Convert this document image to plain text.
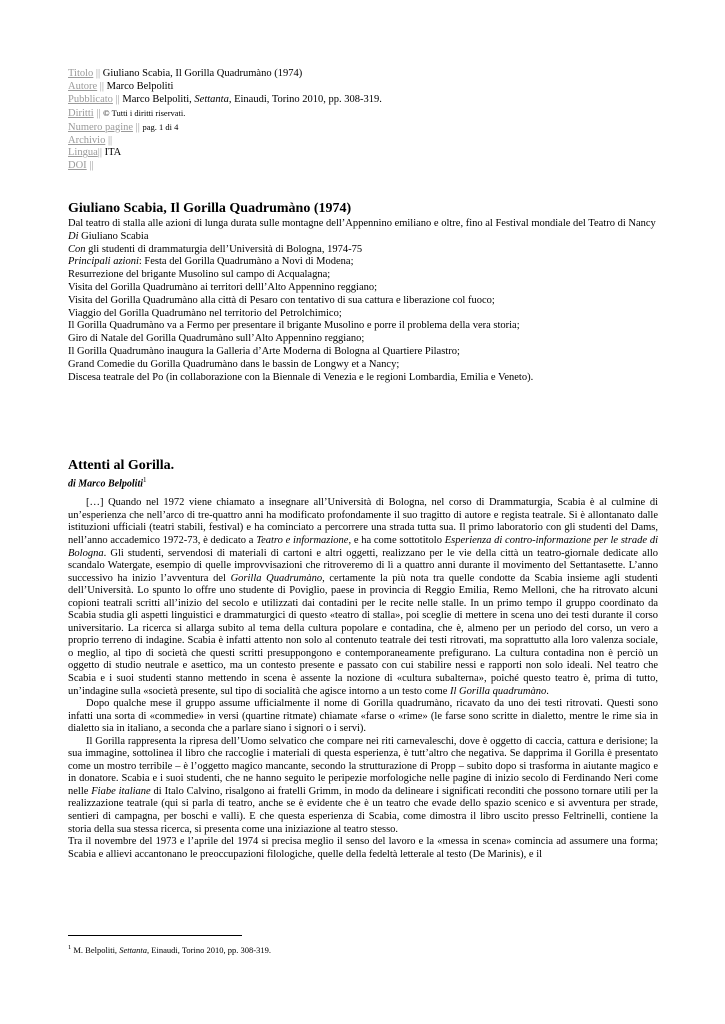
Titolo || Giuliano Scabia, Il Gorilla Quadrumàno (1974)
Autore || Marco Belpoliti
Pubblicato || Marco Belpoliti, Settanta, Einaudi, Torino 2010, pp. 308-319.
Diritti || © Tutti i diritti riservati.
Numero pagine || pag. 1 di 4
Archivio ||
Lingua|| ITA
DOI ||
Giuliano Scabia, Il Gorilla Quadrumàno (1974)
Dal teatro di stalla alle azioni di lunga durata sulle montagne dell’Appennino emiliano e oltre, fino al Festival mondiale del Teatro di Nancy
Di Giuliano Scabia
Con gli studenti di drammaturgia dell’Università di Bologna, 1974-75
Principali azioni: Festa del Gorilla Quadrumàno a Novi di Modena;
Resurrezione del brigante Musolino sul campo di Acqualagna;
Visita del Gorilla Quadrumàno ai territori delll’Alto Appennino reggiano;
Visita del Gorilla Quadrumàno alla città di Pesaro con tentativo di sua cattura e liberazione col fuoco;
Viaggio del Gorilla Quadrumàno nel territorio del Petrolchimico;
Il Gorilla Quadrumàno va a Fermo per presentare il brigante Musolino e porre il problema della vera storia;
Giro di Natale del Gorilla Quadrumàno sull’Alto Appennino reggiano;
Il Gorilla Quadrumàno inaugura la Galleria d’Arte Moderna di Bologna al Quartiere Pilastro;
Grand Comedie du Gorilla Quadrumàno dans le bassin de Longwy et a Nancy;
Discesa teatrale del Po (in collaborazione con la Biennale di Venezia e le regioni Lombardia, Emilia e Veneto).
Attenti al Gorilla.
di Marco Belpoliti$^1$

[…] Quando nel 1972 viene chiamato a insegnare all’Università di Bologna, nel corso di Drammaturgia, Scabia è al culmine di un’esperienza che nell’arco di tre-quattro anni ha modificato profondamente il suo tragitto di autore e regista teatrale. Si è allontanato dalle istituzioni ufficiali (teatri stabili, festival) e ha cominciato a percorrere una strada tutta sua. Il primo laboratorio con gli studenti del Dams, nell’anno accademico 1972-73, è dedicato a Teatro e informazione, e ha come sottotitolo Esperienza di contro-informazione per le strade di Bologna. Gli studenti, servendosi di materiali di cartoni e altri oggetti, realizzano per le vie della città un teatro-giornale dedicate allo scandalo Watergate, esempio di quelle improvvisazioni che ritroveremo di lì a quattro anni durante il movimento del Settantasette. L’anno successivo ha inizio l’avventura del Gorilla Quadrumàno, certamente la più nota tra quelle condotte da Scabia insieme agli studenti dell’Università. Lo spunto lo offre uno studente di Poviglio, paese in provincia di Reggio Emilia, Remo Melloni, che ha ritrovato alcuni copioni teatrali scritti all’inizio del secolo e utilizzati dai contadini per le recite nelle stalle. In un primo tempo il gruppo coordinato da Scabia studia gli aspetti linguistici e drammaturgici di questo «teatro di stalla», poi sceglie di mettere in scena uno dei testi durante il corso universitario. La ricerca si allarga subito al tema della cultura popolare e contadina, che è, almeno per un periodo del corso, un vero a proprio terreno di indagine. Scabia è infatti attento non solo al contenuto teatrale dei testi ritrovati, ma soprattutto alla loro valenza sociale, o meglio, al tipo di società che questi scritti presuppongono e contemporaneamente prefigurano. La cultura contadina non è perciò un oggetto di studio neutrale e asettico, ma un contesto presente e passato con cui stabilire nessi e rapporti non solo ideali. Nel teatro che Scabia e i suoi studenti stanno mettendo in scena è assente la nozione di «cultura subalterna», poiché questo teatro è, prima di tutto, un’indagine sulla «società presente, sul tipo di socialità che agisce intorno a un testo come Il Gorilla quadrumàno.

Dopo qualche mese il gruppo assume ufficialmente il nome di Gorilla quadrumàno, ricavato da uno dei testi ritrovati. Questi sono infatti una sorta di «commedie» in versi (quartine ritmate) chiamate «farse o «rime» (le farse sono scritte in dialetto, mentre le rime sia in dialetto sia in italiano, a seconda che a parlare siano i signori o i servi).

Il Gorilla rappresenta la ripresa dell’Uomo selvatico che compare nei riti carnevaleschi, dove è oggetto di caccia, cattura e derisione; la sua immagine, sottolinea il libro che raccoglie i materiali di questa esperienza, è tutt’altro che negativa. Se dapprima il Gorilla è presentato come un mostro terribile – è l’oggetto magico mancante, secondo la strutturazione di Propp – subito dopo si trasforma in aiutante magico e in donatore. Scabia e i suoi studenti, che ne hanno seguito le peripezie morfologiche nelle pagine di inizio secolo di Ferdinando Neri come nelle Fiabe italiane di Italo Calvino, risalgono ai fratelli Grimm, in modo da delineare i significati reconditi che possono tornare utili per la realizzazione teatrale (qui si parla di teatro, anche se è evidente che è un teatro che evade dello spazio scenico e si avventura per strade, sentieri di campagna, per boschi e valli). E che questa esperienza di Scabia, come dimostra il libro uscito presso Feltrinelli, contiene la storia della sua stessa ricerca, si presenta come una iniziazione al teatro stesso.

Tra il novembre del 1973 e l’aprile del 1974 si precisa meglio il senso del lavoro e la «messa in scena» comincia ad assumere una forma; Scabia e allievi accantonano le preoccupazioni filologiche, quelle della fedeltà letterale al testo (De Marinis), e il

$^1$ M. Belpoliti, Settanta, Einaudi, Torino 2010, pp. 308-319.
